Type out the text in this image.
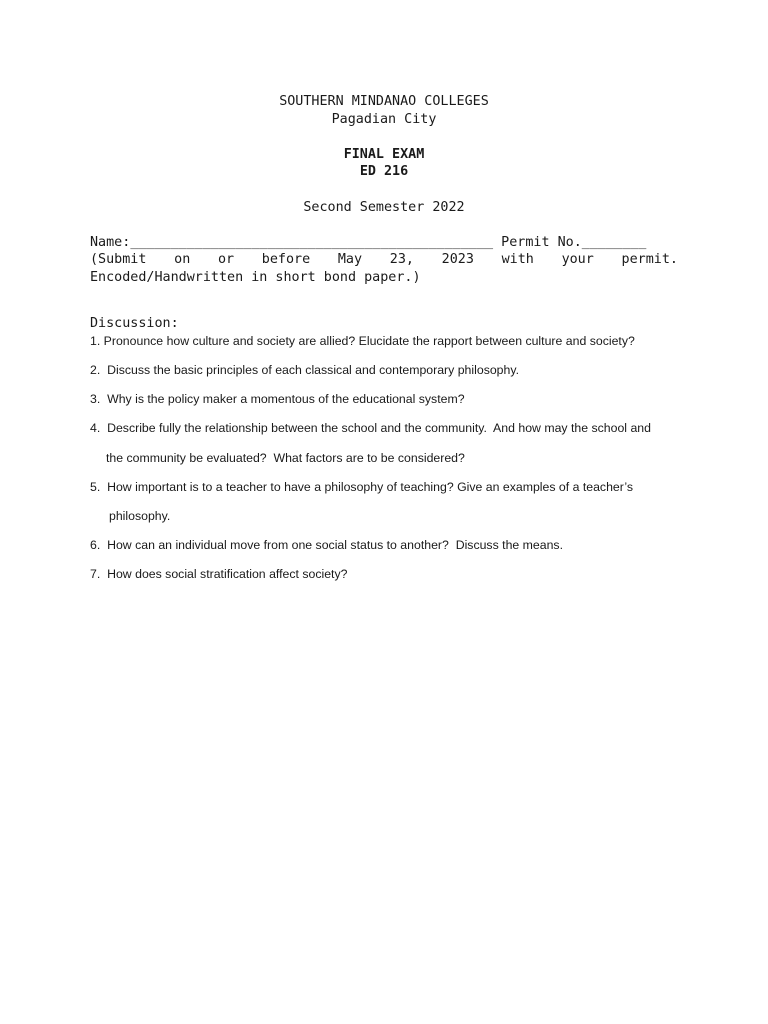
SOUTHERN MINDANAO COLLEGES
Pagadian City
FINAL EXAM
ED 216
Second Semester 2022
Name:_____________________________________________ Permit No.________
(Submit on or before May 23, 2023 with your permit.
Encoded/Handwritten in short bond paper.)
Discussion:
1. Pronounce how culture and society are allied? Elucidate the rapport between culture and society?
2.  Discuss the basic principles of each classical and contemporary philosophy.
3.  Why is the policy maker a momentous of the educational system?
4.  Describe fully the relationship between the school and the community.  And how may the school and
the community be evaluated?  What factors are to be considered?
5.  How important is to a teacher to have a philosophy of teaching? Give an examples of a teacher’s
philosophy.
6.  How can an individual move from one social status to another?  Discuss the means.
7.  How does social stratification affect society?
